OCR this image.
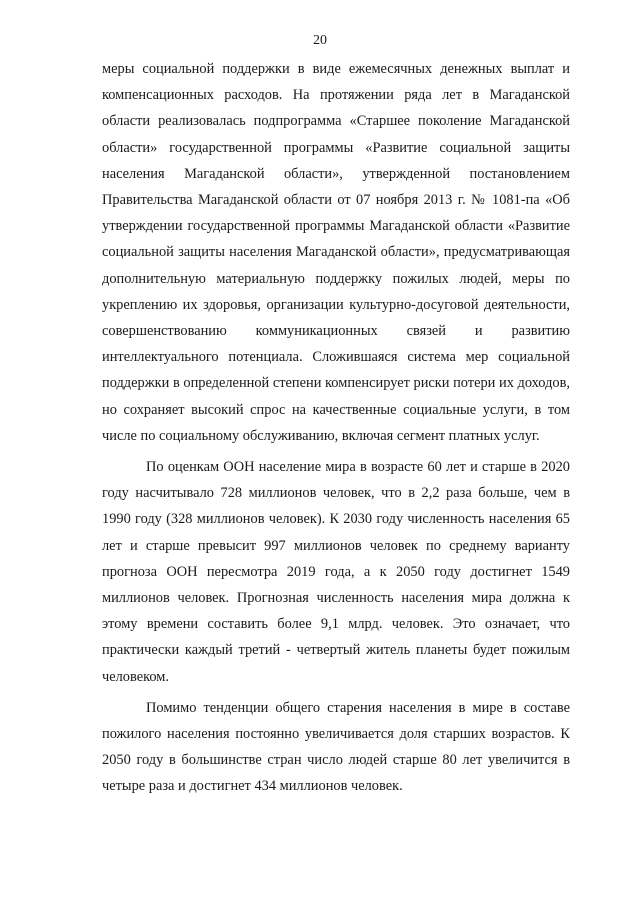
20

меры социальной поддержки в виде ежемесячных денежных выплат и компенсационных расходов. На протяжении ряда лет в Магаданской области реализовалась подпрограмма «Старшее поколение Магаданской области» государственной программы «Развитие социальной защиты населения Магаданской области», утвержденной постановлением Правительства Магаданской области от 07 ноября 2013 г. № 1081-па «Об утверждении государственной программы Магаданской области «Развитие социальной защиты населения Магаданской области», предусматривающая дополнительную материальную поддержку пожилых людей, меры по укреплению их здоровья, организации культурно-досуговой деятельности, совершенствованию коммуникационных связей и развитию интеллектуального потенциала. Сложившаяся система мер социальной поддержки в определенной степени компенсирует риски потери их доходов, но сохраняет высокий спрос на качественные социальные услуги, в том числе по социальному обслуживанию, включая сегмент платных услуг.

По оценкам ООН население мира в возрасте 60 лет и старше в 2020 году насчитывало 728 миллионов человек, что в 2,2 раза больше, чем в 1990 году (328 миллионов человек). К 2030 году численность населения 65 лет и старше превысит 997 миллионов человек по среднему варианту прогноза ООН пересмотра 2019 года, а к 2050 году достигнет 1549 миллионов человек. Прогнозная численность населения мира должна к этому времени составить более 9,1 млрд. человек. Это означает, что практически каждый третий - четвертый житель планеты будет пожилым человеком.

Помимо тенденции общего старения населения в мире в составе пожилого населения постоянно увеличивается доля старших возрастов. К 2050 году в большинстве стран число людей старше 80 лет увеличится в четыре раза и достигнет 434 миллионов человек.
